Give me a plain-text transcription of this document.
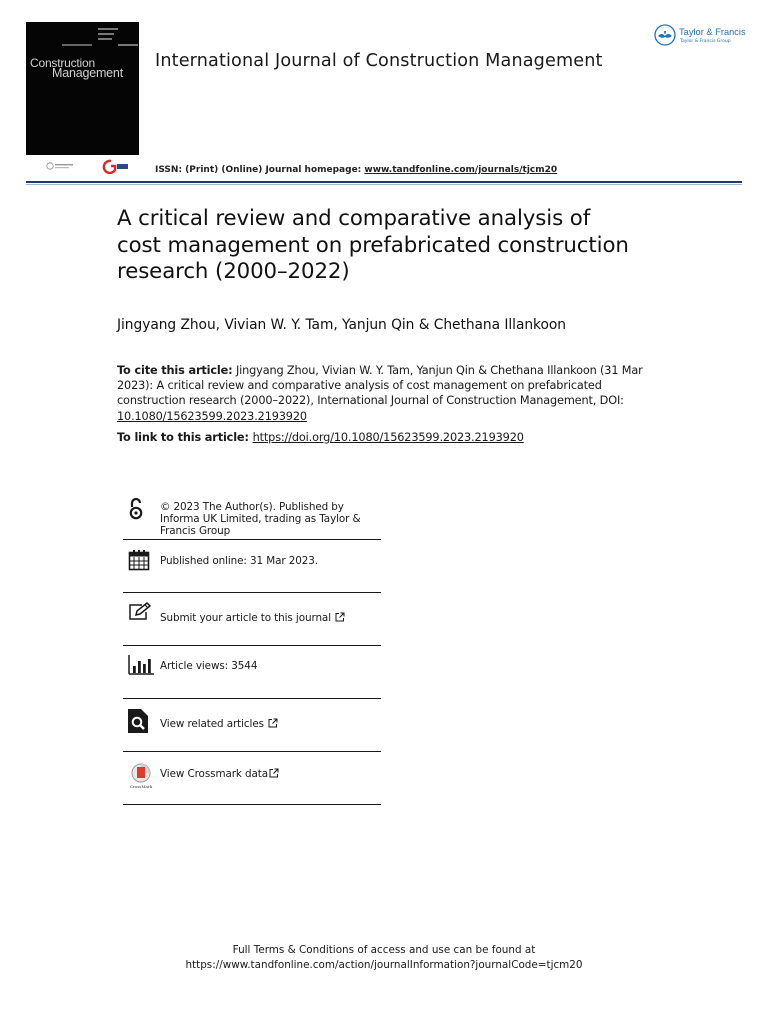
Construction
Management
International Journal of Construction Management
ISSN: (Print) (Online) Journal homepage: www.tandfonline.com/journals/tjcm20
Taylor & Francis
Taylor & Francis Group
A critical review and comparative analysis of
cost management on prefabricated construction
research (2000–2022)
Jingyang Zhou, Vivian W. Y. Tam, Yanjun Qin & Chethana Illankoon
To cite this article: Jingyang Zhou, Vivian W. Y. Tam, Yanjun Qin & Chethana Illankoon (31 Mar 2023): A critical review and comparative analysis of cost management on prefabricated construction research (2000–2022), International Journal of Construction Management, DOI: 10.1080/15623599.2023.2193920
To link to this article: https://doi.org/10.1080/15623599.2023.2193920
© 2023 The Author(s). Published by Informa UK Limited, trading as Taylor & Francis Group
Published online: 31 Mar 2023.
Submit your article to this journal
Article views: 3544
View related articles
CrossMark
View Crossmark data
Full Terms & Conditions of access and use can be found at
https://www.tandfonline.com/action/journalInformation?journalCode=tjcm20
